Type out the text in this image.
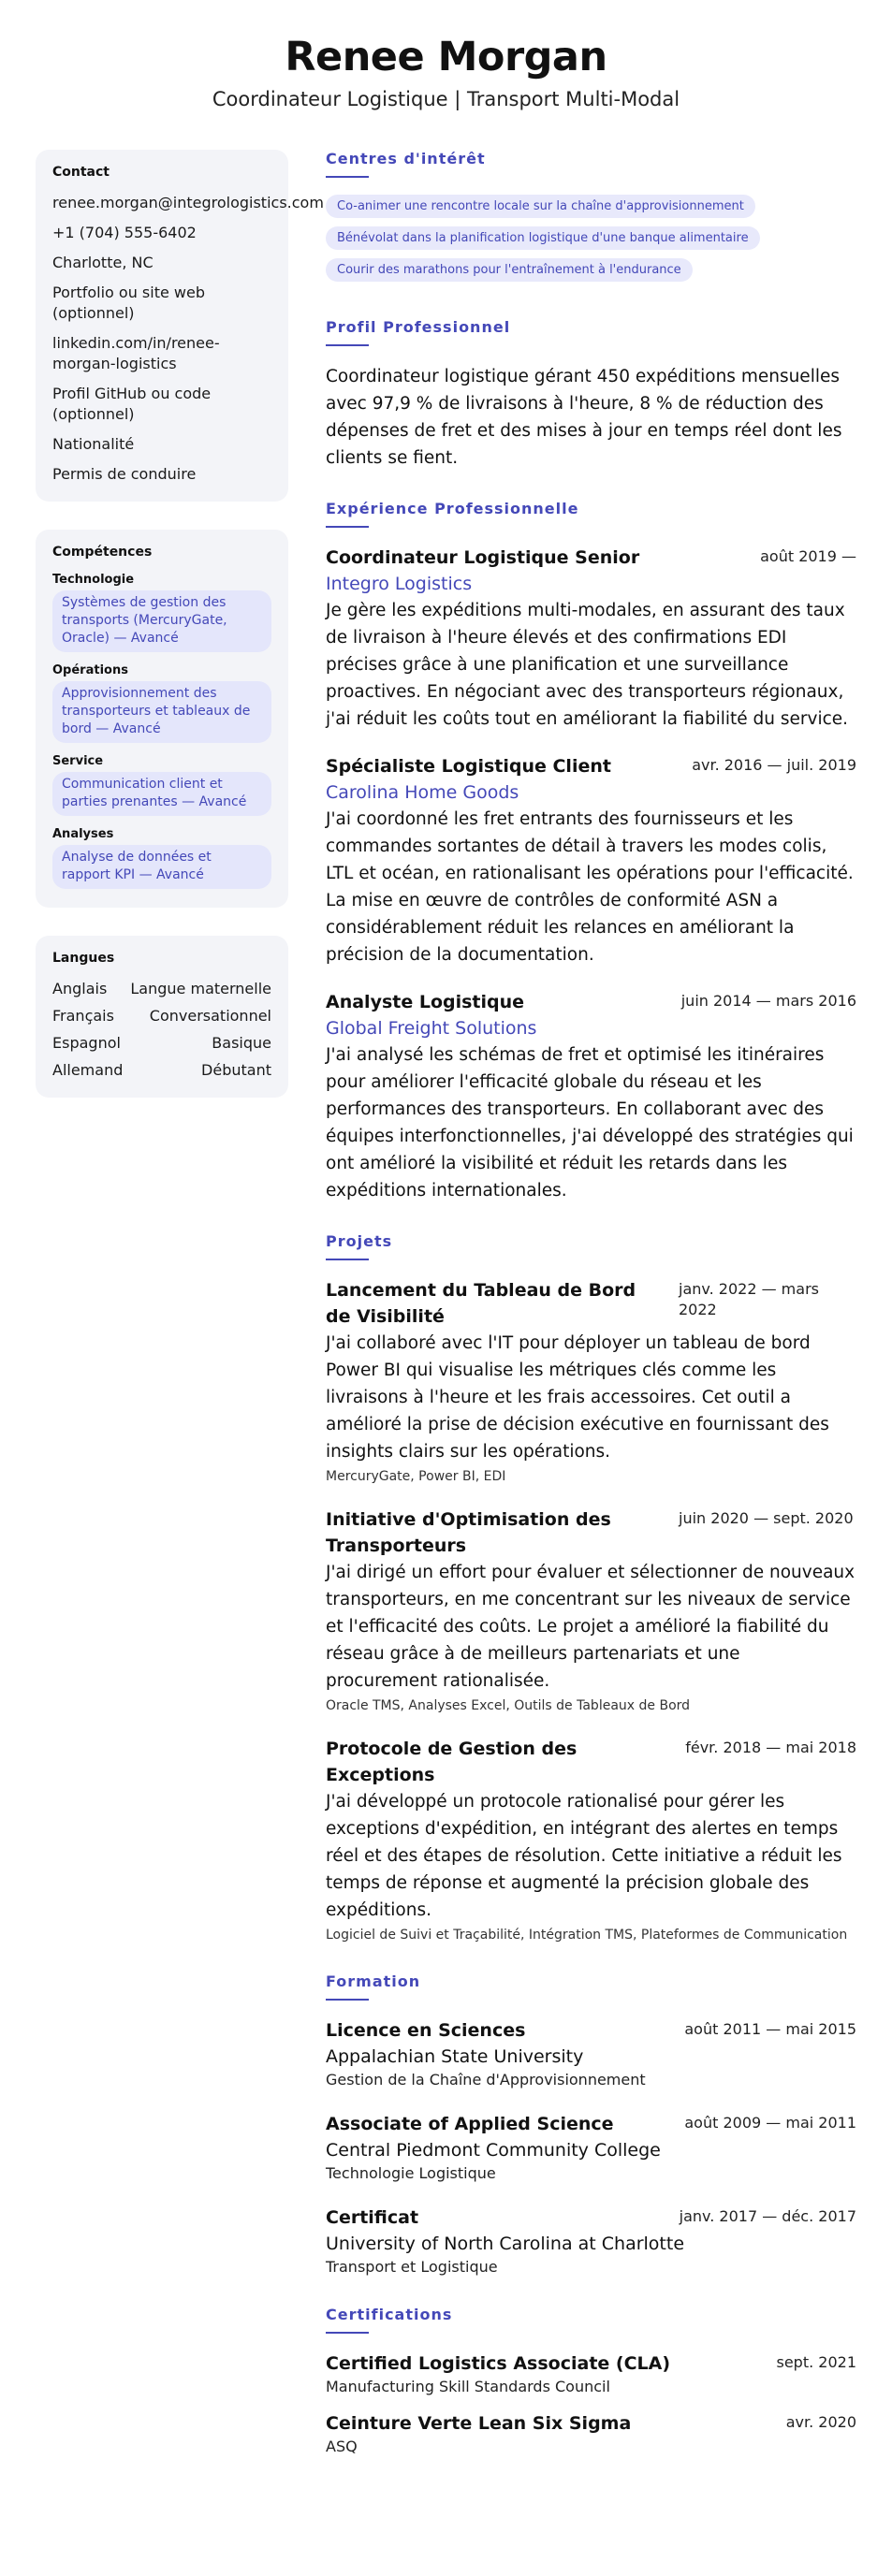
Renee Morgan
Coordinateur Logistique | Transport Multi-Modal
Contact
renee.morgan@integrologistics.com
+1 (704) 555-6402
Charlotte, NC
Portfolio ou site web (optionnel)
linkedin.com/in/renee-morgan-logistics
Profil GitHub ou code (optionnel)
Nationalité
Permis de conduire
Compétences
Technologie
Systèmes de gestion des transports (MercuryGate, Oracle) — Avancé
Opérations
Approvisionnement des transporteurs et tableaux de bord — Avancé
Service
Communication client et parties prenantes — Avancé
Analyses
Analyse de données et rapport KPI — Avancé
Langues
Anglais Langue maternelle
Français Conversationnel
Espagnol	Basique
Allemand	Débutant
Centres d'intérêt
Co-animer une rencontre locale sur la chaîne d'approvisionnement
Bénévolat dans la planification logistique d'une banque alimentaire
Courir des marathons pour l'entraînement à l'endurance
Profil Professionnel

Coordinateur logistique gérant 450 expéditions mensuelles avec 97,9 % de livraisons à l'heure, 8 % de réduction des dépenses de fret et des mises à jour en temps réel dont les clients se fient.

Expérience Professionnelle
Coordinateur Logistique Senior	août 2019 —
Integro Logistics

Je gère les expéditions multi-modales, en assurant des taux de livraison à l'heure élevés et des confirmations EDI précises grâce à une planification et une surveillance proactives. En négociant avec des transporteurs régionaux, j'ai réduit les coûts tout en améliorant la fiabilité du service.

Spécialiste Logistique Client	avr. 2016 — juil. 2019
Carolina Home Goods

J'ai coordonné les fret entrants des fournisseurs et les commandes sortantes de détail à travers les modes colis, LTL et océan, en rationalisant les opérations pour l'efficacité. La mise en œuvre de contrôles de conformité ASN a considérablement réduit les relances en améliorant la précision de la documentation.

Analyste Logistique	juin 2014 — mars 2016
Global Freight Solutions

J'ai analysé les schémas de fret et optimisé les itinéraires pour améliorer l'efficacité globale du réseau et les performances des transporteurs. En collaborant avec des équipes interfonctionnelles, j'ai développé des stratégies qui ont amélioré la visibilité et réduit les retards dans les expéditions internationales.

Projets
Lancement du Tableau de Bord de Visibilité
janv. 2022 — mars 2022

J'ai collaboré avec l'IT pour déployer un tableau de bord Power BI qui visualise les métriques clés comme les livraisons à l'heure et les frais accessoires. Cet outil a amélioré la prise de décision exécutive en fournissant des insights clairs sur les opérations.

MercuryGate, Power BI, EDI
Initiative d'Optimisation des Transporteurs
juin 2020 — sept. 2020

J'ai dirigé un effort pour évaluer et sélectionner de nouveaux transporteurs, en me concentrant sur les niveaux de service et l'efficacité des coûts. Le projet a amélioré la fiabilité du réseau grâce à de meilleurs partenariats et une procurement rationalisée.

Oracle TMS, Analyses Excel, Outils de Tableaux de Bord
Protocole de Gestion des Exceptions
févr. 2018 — mai 2018

J'ai développé un protocole rationalisé pour gérer les exceptions d'expédition, en intégrant des alertes en temps réel et des étapes de résolution. Cette initiative a réduit les temps de réponse et augmenté la précision globale des expéditions.

Logiciel de Suivi et Traçabilité, Intégration TMS, Plateformes de Communication
Formation
Licence en Sciences	août 2011 — mai 2015
Appalachian State University
Gestion de la Chaîne d'Approvisionnement
Associate of Applied Science	août 2009 — mai 2011
Central Piedmont Community College
Technologie Logistique
Certificat	janv. 2017 — déc. 2017
University of North Carolina at Charlotte
Transport et Logistique
Certifications
Certified Logistics Associate (CLA)	sept. 2021
Manufacturing Skill Standards Council
Ceinture Verte Lean Six Sigma	avr. 2020
ASQ
